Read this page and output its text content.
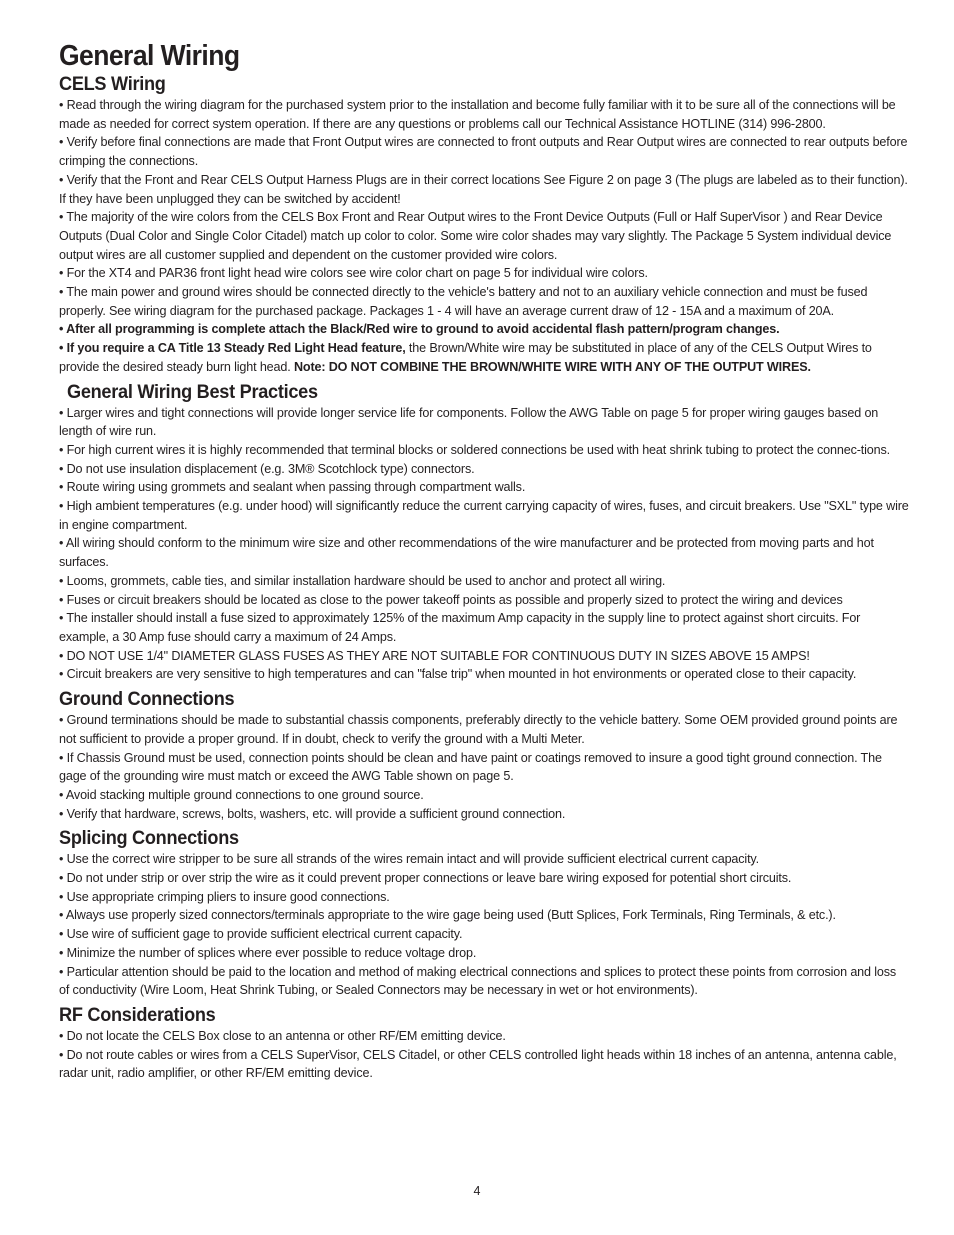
General Wiring
CELS Wiring

• Read through the wiring diagram for the purchased system prior to the installation and become fully familiar with it to be sure all of the connections will be made as needed for correct system operation. If there are any questions or problems call our Technical Assistance HOTLINE (314) 996-2800.

• Verify before final connections are made that Front Output wires are connected to front outputs and Rear Output wires are connected to rear outputs before crimping the connections.

• Verify that the Front and Rear CELS Output Harness Plugs are in their correct locations See Figure 2 on page 3 (The plugs are labeled as to their function). If they have been unplugged they can be switched by accident!

• The majority of the wire colors from the CELS Box Front and Rear Output wires to the Front Device Outputs (Full or Half SuperVisor ) and Rear Device Outputs (Dual Color and Single Color Citadel) match up color to color. Some wire color shades may vary slightly. The Package 5 System individual device output wires are all customer supplied and dependent on the customer provided wire colors.

• For the XT4 and PAR36 front light head wire colors see wire color chart on page 5 for individual wire colors.

• The main power and ground wires should be connected directly to the vehicle's battery and not to an auxiliary vehicle connection and must be fused properly. See wiring diagram for the purchased package. Packages 1 - 4 will have an average current draw of 12 - 15A and a maximum of 20A.

• After all programming is complete attach the Black/Red wire to ground to avoid accidental flash pattern/program changes.

• If you require a CA Title 13 Steady Red Light Head feature, the Brown/White wire may be substituted in place of any of the CELS Output Wires to provide the desired steady burn light head. Note: DO NOT COMBINE THE BROWN/WHITE WIRE WITH ANY OF THE OUTPUT WIRES.

General Wiring Best Practices

• Larger wires and tight connections will provide longer service life for components. Follow the AWG Table on page 5 for proper wiring gauges based on length of wire run.

• For high current wires it is highly recommended that terminal blocks or soldered connections be used with heat shrink tubing to protect the connec-tions.

• Do not use insulation displacement (e.g. 3M® Scotchlock type) connectors.

• Route wiring using grommets and sealant when passing through compartment walls.

• High ambient temperatures (e.g. under hood) will significantly reduce the current carrying capacity of wires, fuses, and circuit breakers. Use "SXL" type wire in engine compartment.

• All wiring should conform to the minimum wire size and other recommendations of the wire manufacturer and be protected from moving parts and hot surfaces.

• Looms, grommets, cable ties, and similar installation hardware should be used to anchor and protect all wiring.

• Fuses or circuit breakers should be located as close to the power takeoff points as possible and properly sized to protect the wiring and devices

• The installer should install a fuse sized to approximately 125% of the maximum Amp capacity in the supply line to protect against short circuits. For example, a 30 Amp fuse should carry a maximum of 24 Amps.

• DO NOT USE 1/4" DIAMETER GLASS FUSES AS THEY ARE NOT SUITABLE FOR CONTINUOUS DUTY IN SIZES ABOVE 15 AMPS!

• Circuit breakers are very sensitive to high temperatures and can "false trip" when mounted in hot environments or operated close to their capacity.

Ground Connections

• Ground terminations should be made to substantial chassis components, preferably directly to the vehicle battery. Some OEM provided ground points are not sufficient to provide a proper ground. If in doubt, check to verify the ground with a Multi Meter.

• If Chassis Ground must be used, connection points should be clean and have paint or coatings removed to insure a good tight ground connection. The gage of the grounding wire must match or exceed the AWG Table shown on page 5.

• Avoid stacking multiple ground connections to one ground source.

• Verify that hardware, screws, bolts, washers, etc. will provide a sufficient ground connection.

Splicing Connections

• Use the correct wire stripper to be sure all strands of the wires remain intact and will provide sufficient electrical current capacity.

• Do not under strip or over strip the wire as it could prevent proper connections or leave bare wiring exposed for potential short circuits.

• Use appropriate crimping pliers to insure good connections.

• Always use properly sized connectors/terminals appropriate to the wire gage being used (Butt Splices, Fork Terminals, Ring Terminals, & etc.).

• Use wire of sufficient gage to provide sufficient electrical current capacity.

• Minimize the number of splices where ever possible to reduce voltage drop.

• Particular attention should be paid to the location and method of making electrical connections and splices to protect these points from corrosion and loss of conductivity (Wire Loom, Heat Shrink Tubing, or Sealed Connectors may be necessary in wet or hot environments).

RF Considerations

• Do not locate the CELS Box close to an antenna or other RF/EM emitting device.

• Do not route cables or wires from a CELS SuperVisor, CELS Citadel, or other CELS controlled light heads within 18 inches of an antenna, antenna cable, radar unit, radio amplifier, or other RF/EM emitting device.

4
